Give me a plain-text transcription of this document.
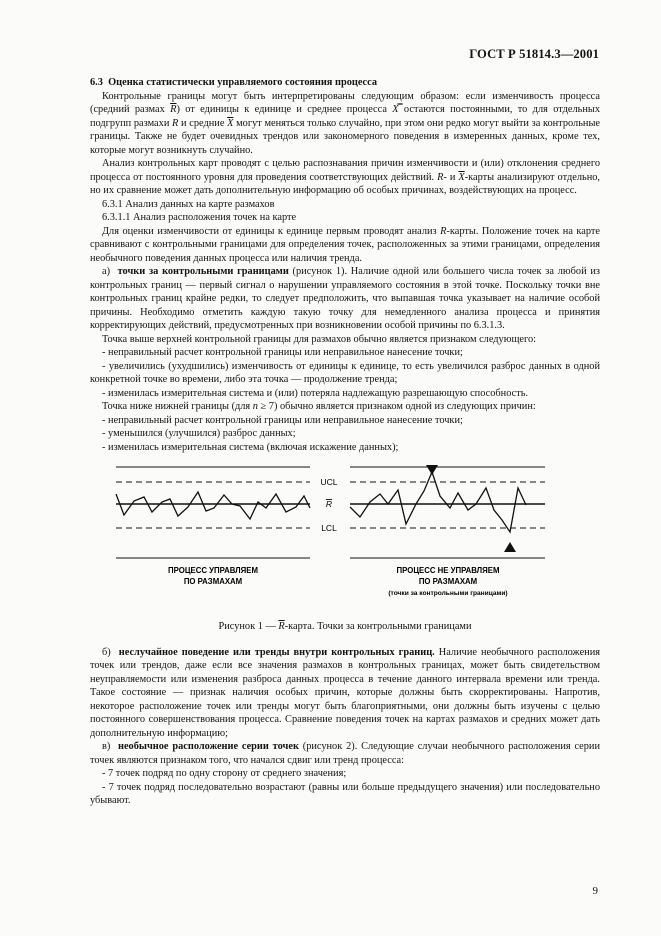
ГОСТ Р 51814.3—2001

6.3 Оценка статистически управляемого состояния процесса

Контрольные границы могут быть интерпретированы следующим образом: если изменчивость процесса (средний размах $\overline{R}$) от единицы к единице и среднее процесса X̿ остаются постоянными, то для отдельных подгрупп размахи R и средние $\overline{X}$ могут меняться только случайно, при этом они редко могут выйти за контрольные границы. Также не будет очевидных трендов или закономерного поведения в измеренных данных, кроме тех, которые могут возникнуть случайно.

Анализ контрольных карт проводят с целью распознавания причин изменчивости и (или) отклонения среднего процесса от постоянного уровня для проведения соответствующих действий. R- и $\overline{X}$-карты анализируют отдельно, но их сравнение может дать дополнительную информацию об особых причинах, воздействующих на процесс.

6.3.1 Анализ данных на карте размахов

6.3.1.1 Анализ расположения точек на карте

Для оценки изменчивости от единицы к единице первым проводят анализ R-карты. Положение точек на карте сравнивают с контрольными границами для определения точек, расположенных за этими границами, определения необычного поведения данных процесса или наличия тренда.

а) точки за контрольными границами (рисунок 1). Наличие одной или большего числа точек за любой из контрольных границ — первый сигнал о нарушении управляемого состояния в этой точке. Поскольку точки вне контрольных границ крайне редки, то следует предположить, что выпавшая точка указывает на наличие особой причины. Необходимо отметить каждую такую точку для немедленного анализа процесса и принятия корректирующих действий, предусмотренных при возникновении особой причины по 6.3.1.3.

Точка выше верхней контрольной границы для размахов обычно является признаком следующего:

- неправильный расчет контрольной границы или неправильное нанесение точки;

- увеличились (ухудшились) изменчивость от единицы к единице, то есть увеличился разброс данных в одной конкретной точке во времени, либо эта точка — продолжение тренда;

- изменилась измерительная система и (или) потеряла надлежащую разрешающую способность.

Точка ниже нижней границы (для n ≥ 7) обычно является признаком одной из следующих причин:

- неправильный расчет контрольной границы или неправильное нанесение точки;

- уменьшился (улучшился) разброс данных;

- изменилась измерительная система (включая искажение данных);

UCL
R
LCL
ПРОЦЕСС УПРАВЛЯЕМ
ПО РАЗМАХАМ
ПРОЦЕСС НЕ УПРАВЛЯЕМ
ПО РАЗМАХАМ
(точки за контрольными границами)

Рисунок 1 — $\overline{R}$-карта. Точки за контрольными границами

б) неслучайное поведение или тренды внутри контрольных границ. Наличие необычного расположения точек или трендов, даже если все значения размахов в контрольных границах, может быть свидетельством неуправляемости или изменения разброса данных процесса в течение данного интервала времени или тренда. Такое состояние — признак наличия особых причин, которые должны быть скорректированы. Напротив, некоторое расположение точек или тренды могут быть благоприятными, они должны быть изучены с целью постоянного совершенствования процесса. Сравнение поведения точек на картах размахов и средних может дать дополнительную информацию;

в) необычное расположение серии точек (рисунок 2). Следующие случаи необычного расположения серии точек являются признаком того, что начался сдвиг или тренд процесса:

- 7 точек подряд по одну сторону от среднего значения;

- 7 точек подряд последовательно возрастают (равны или больше предыдущего значения) или последовательно убывают.

9
